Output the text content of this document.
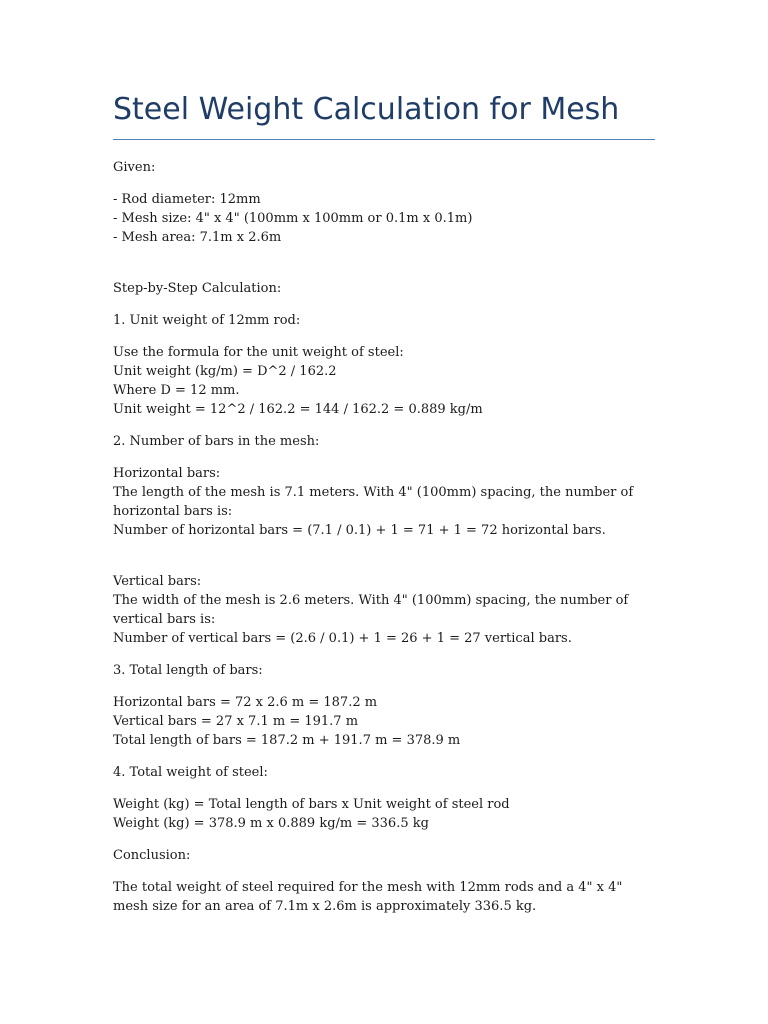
Steel Weight Calculation for Mesh

Given:

- Rod diameter: 12mm
- Mesh size: 4" x 4" (100mm x 100mm or 0.1m x 0.1m)
- Mesh area: 7.1m x 2.6m

Step-by-Step Calculation:

1. Unit weight of 12mm rod:

Use the formula for the unit weight of steel:
Unit weight (kg/m) = D^2 / 162.2
Where D = 12 mm.
Unit weight = 12^2 / 162.2 = 144 / 162.2 = 0.889 kg/m

2. Number of bars in the mesh:

Horizontal bars:
The length of the mesh is 7.1 meters. With 4" (100mm) spacing, the number of horizontal bars is:
Number of horizontal bars = (7.1 / 0.1) + 1 = 71 + 1 = 72 horizontal bars.

Vertical bars:
The width of the mesh is 2.6 meters. With 4" (100mm) spacing, the number of vertical bars is:
Number of vertical bars = (2.6 / 0.1) + 1 = 26 + 1 = 27 vertical bars.

3. Total length of bars:

Horizontal bars = 72 x 2.6 m = 187.2 m
Vertical bars = 27 x 7.1 m = 191.7 m
Total length of bars = 187.2 m + 191.7 m = 378.9 m

4. Total weight of steel:

Weight (kg) = Total length of bars x Unit weight of steel rod
Weight (kg) = 378.9 m x 0.889 kg/m = 336.5 kg

Conclusion:

The total weight of steel required for the mesh with 12mm rods and a 4" x 4" mesh size for an area of 7.1m x 2.6m is approximately 336.5 kg.
